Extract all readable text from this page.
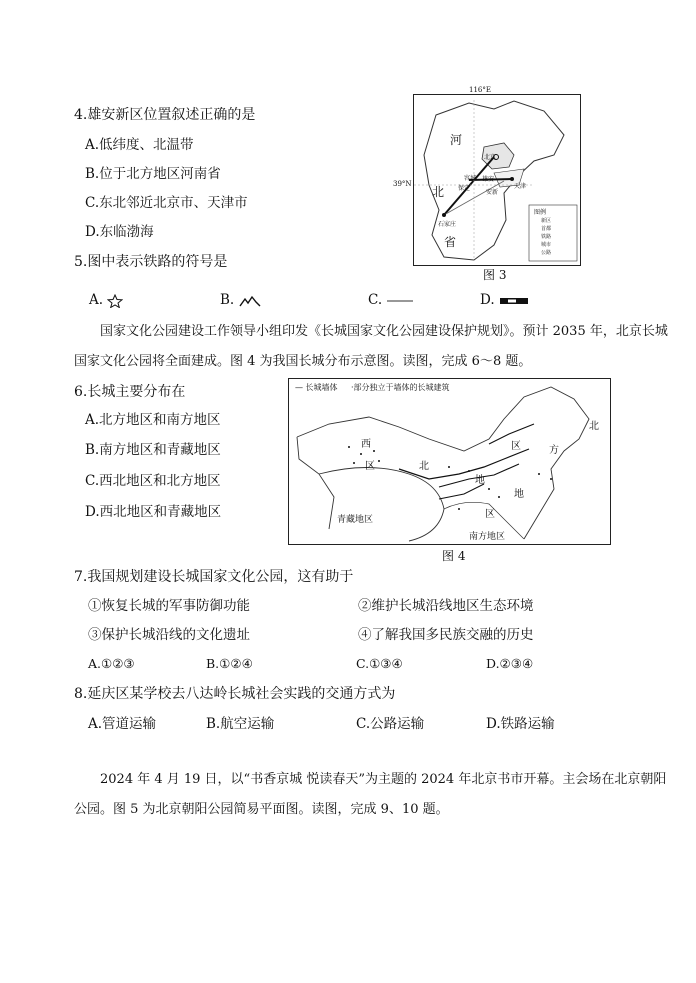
4.雄安新区位置叙述正确的是
A.低纬度、北温带
B.位于北方地区河南省
C.东北邻近北京市、天津市
D.东临渤海
河
北
省
北京
雄安
保定	天津
石家庄
容城
安新
图例
新区
首都
铁路
城市
公路
116°E
39°N
图 3
5.图中表示铁路的符号是
A.	B.	C.	D.
国家文化公园建设工作领导小组印发《长城国家文化公园建设保护规划》。预计 2035 年，北京长城国家文化公园将全面建成。图 4 为我国长城分布示意图。读图，完成 6～8 题。
6.长城主要分布在
A.北方地区和南方地区
B.南方地区和青藏地区
C.西北地区和北方地区
D.西北地区和青藏地区
— 长城墙体 ·部分独立于墙体的长城建筑
西
北
区
北
方
地
地
区
区
青藏地区
南方地区
图 4
7.我国规划建设长城国家文化公园，这有助于
①恢复长城的军事防御功能	②维护长城沿线地区生态环境
③保护长城沿线的文化遗址	④了解我国多民族交融的历史
A.①②③	B.①②④	C.①③④	D.②③④
8.延庆区某学校去八达岭长城社会实践的交通方式为
A.管道运输	B.航空运输	C.公路运输	D.铁路运输
2024 年 4 月 19 日，以“书香京城 悦读春天”为主题的 2024 年北京书市开幕。主会场在北京朝阳公园。图 5 为北京朝阳公园简易平面图。读图，完成 9、10 题。
